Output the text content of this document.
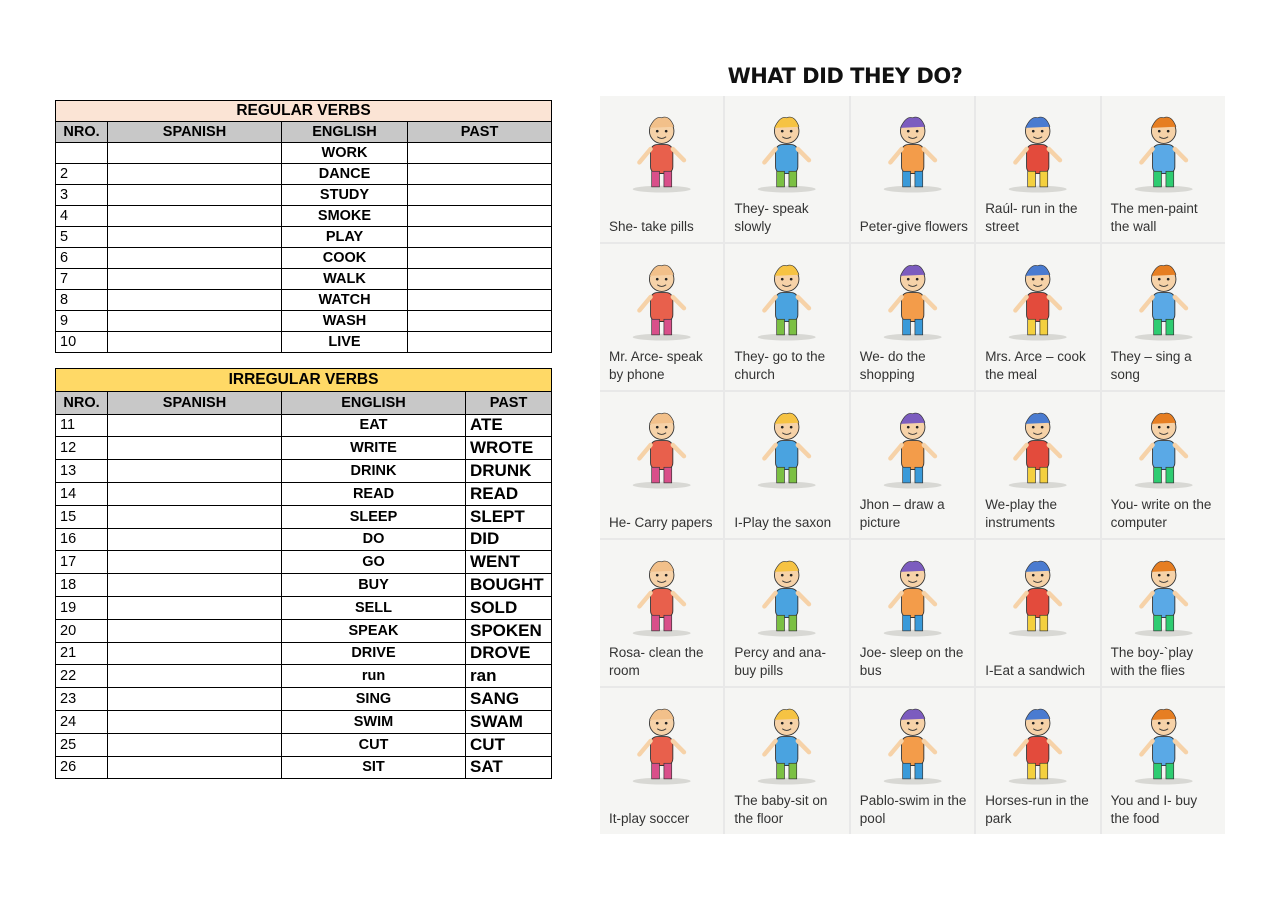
REGULAR VERBS			
NRO.	SPANISH	ENGLISH	PAST
		WORK	
2		DANCE	
3		STUDY	
4		SMOKE	
5		PLAY	
6		COOK	
7		WALK	
8		WATCH	
9		WASH	
10		LIVE	
IRREGULAR VERBS			
NRO.	SPANISH	ENGLISH	PAST
11		EAT	ATE
12		WRITE	WROTE
13		DRINK	DRUNK
14		READ	READ
15		SLEEP	SLEPT
16		DO	DID
17		GO	WENT
18		BUY	BOUGHT
19		SELL	SOLD
20		SPEAK	SPOKEN
21		DRIVE	DROVE
22		run	ran
23		SING	SANG
24		SWIM	SWAM
25		CUT	CUT
26		SIT	SAT
WHAT DID THEY DO?
She- take pills
They- speak slowly	Peter-give flowers
Raúl- run in the street
The men-paint the wall
Mr. Arce- speak by phone
They- go to the church
We- do the shopping
Mrs. Arce – cook the meal
They – sing a song
He- Carry papers	I-Play the saxon
Jhon – draw a picture
We-play the instruments
You- write on the computer
Rosa- clean the room
Percy and ana- buy pills
Joe- sleep on the bus	I-Eat a sandwich
The boy-`play with the flies
It-play soccer
The baby-sit on the floor
Pablo-swim in the pool
Horses-run in the park
You and I- buy the food
